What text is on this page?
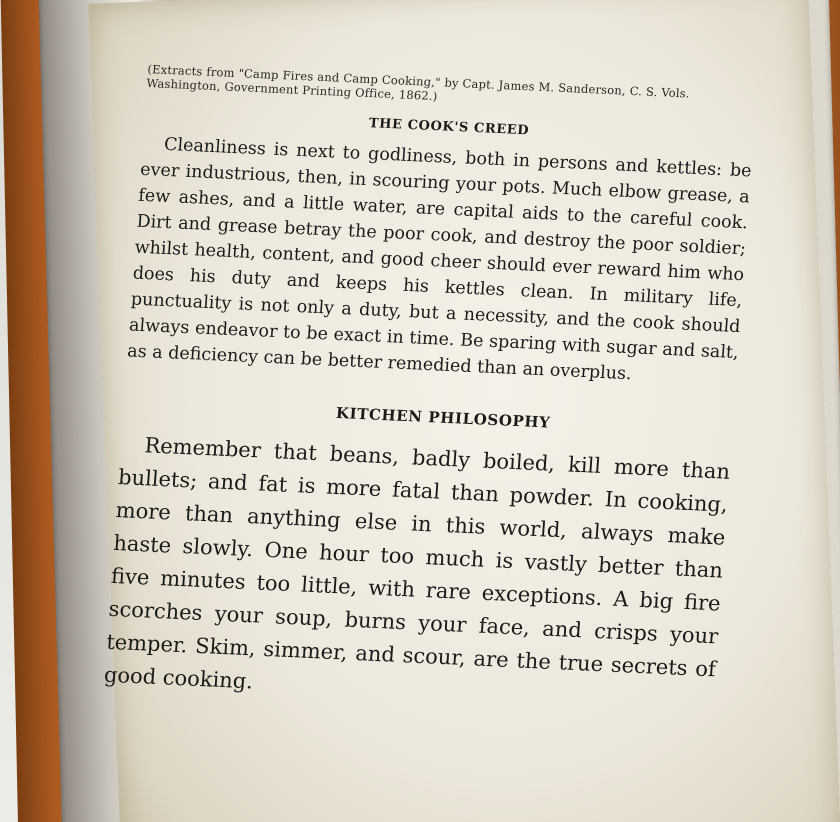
(Extracts from "Camp Fires and Camp Cooking," by Capt. James M. Sanderson, C. S. Vols. Washington, Government Printing Office, 1862.)

THE COOK'S CREED

Cleanliness is next to godliness, both in persons and kettles: be ever industrious, then, in scouring your pots. Much elbow grease, a few ashes, and a little water, are capital aids to the careful cook. Dirt and grease betray the poor cook, and destroy the poor soldier; whilst health, content, and good cheer should ever reward him who does his duty and keeps his kettles clean. In military life, punctuality is not only a duty, but a necessity, and the cook should always endeavor to be exact in time. Be sparing with sugar and salt, as a deficiency can be better remedied than an overplus.

KITCHEN PHILOSOPHY

Remember that beans, badly boiled, kill more than bullets; and fat is more fatal than powder. In cooking, more than anything else in this world, always make haste slowly. One hour too much is vastly better than five minutes too little, with rare exceptions. A big fire scorches your soup, burns your face, and crisps your temper. Skim, simmer, and scour, are the true secrets of good cooking.
